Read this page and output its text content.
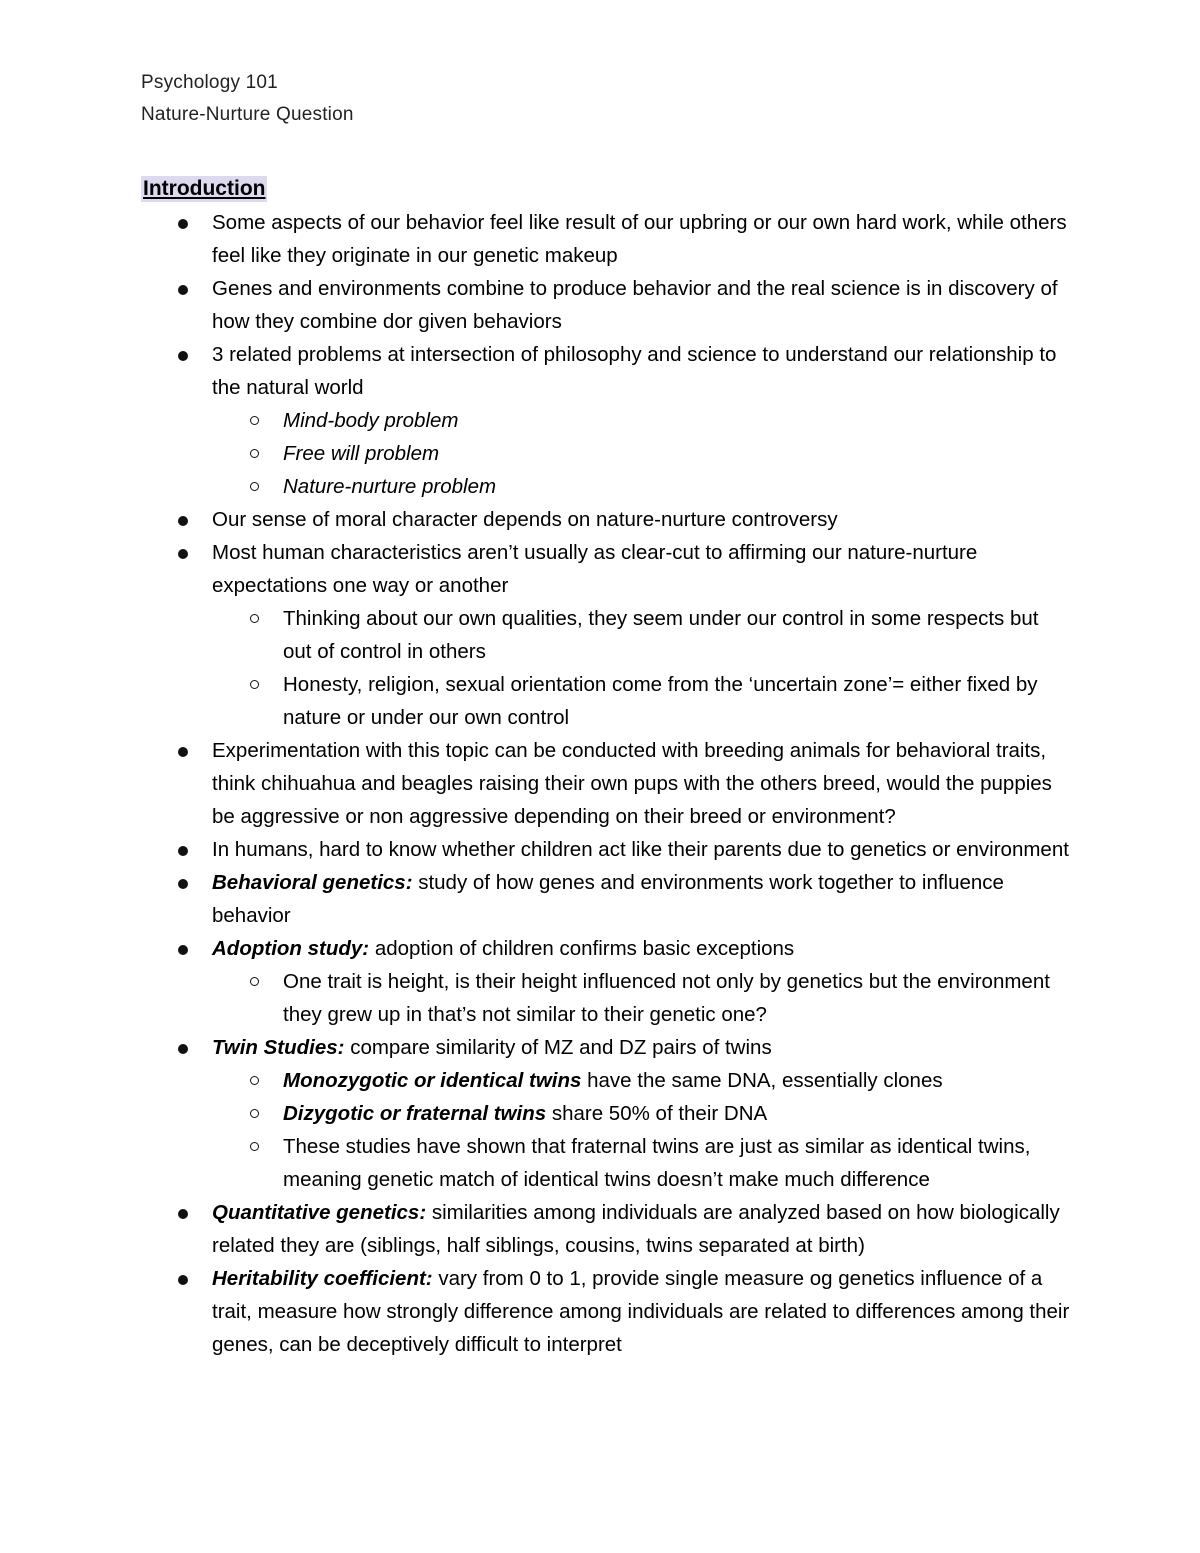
Psychology 101
Nature-Nurture Question
Introduction
Some aspects of our behavior feel like result of our upbring or our own hard work, while others feel like they originate in our genetic makeup
Genes and environments combine to produce behavior and the real science is in discovery of how they combine dor given behaviors
3 related problems at intersection of philosophy and science to understand our relationship to the natural world
Mind-body problem
Free will problem
Nature-nurture problem
Our sense of moral character depends on nature-nurture controversy
Most human characteristics aren’t usually as clear-cut to affirming our nature-nurture expectations one way or another
Thinking about our own qualities, they seem under our control in some respects but out of control in others
Honesty, religion, sexual orientation come from the ‘uncertain zone’= either fixed by nature or under our own control
Experimentation with this topic can be conducted with breeding animals for behavioral traits, think chihuahua and beagles raising their own pups with the others breed, would the puppies be aggressive or non aggressive depending on their breed or environment?
In humans, hard to know whether children act like their parents due to genetics or environment
Behavioral genetics: study of how genes and environments work together to influence behavior
Adoption study: adoption of children confirms basic exceptions
One trait is height, is their height influenced not only by genetics but the environment they grew up in that’s not similar to their genetic one?
Twin Studies: compare similarity of MZ and DZ pairs of twins
Monozygotic or identical twins have the same DNA, essentially clones
Dizygotic or fraternal twins share 50% of their DNA
These studies have shown that fraternal twins are just as similar as identical twins, meaning genetic match of identical twins doesn’t make much difference
Quantitative genetics: similarities among individuals are analyzed based on how biologically related they are (siblings, half siblings, cousins, twins separated at birth)
Heritability coefficient: vary from 0 to 1, provide single measure og genetics influence of a trait, measure how strongly difference among individuals are related to differences among their genes, can be deceptively difficult to interpret
